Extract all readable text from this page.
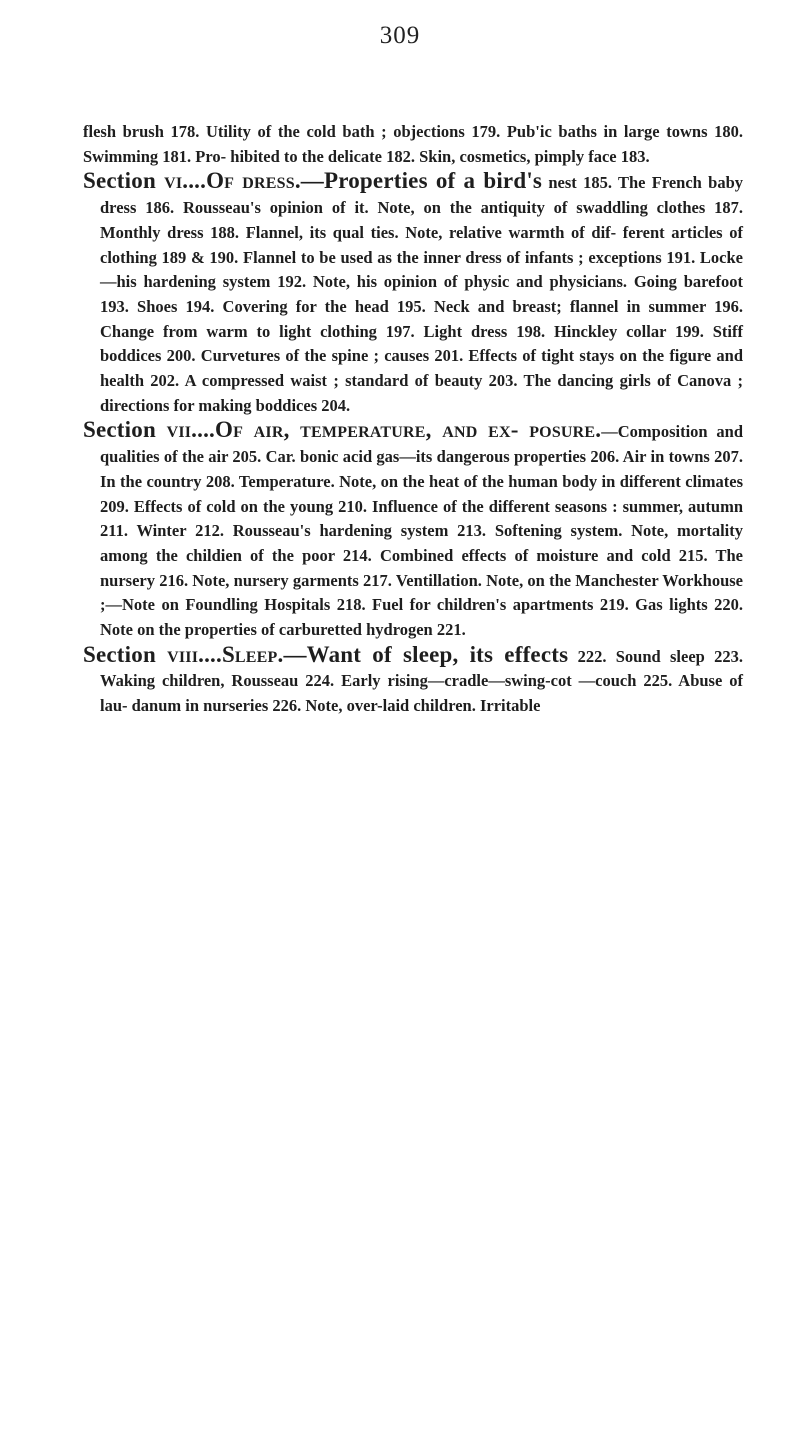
309

flesh brush 178. Utility of the cold bath ; objections 179. Pub'ic baths in large towns 180. Swimming 181. Pro- hibited to the delicate 182. Skin, cosmetics, pimply face 183.

Section vi....Of dress.—Properties of a bird's nest 185. The French baby dress 186. Rousseau's opinion of it. Note, on the antiquity of swaddling clothes 187. Monthly dress 188. Flannel, its qual ties. Note, relative warmth of dif- ferent articles of clothing 189 & 190. Flannel to be used as the inner dress of infants ; exceptions 191. Locke—his hardening system 192. Note, his opinion of physic and physicians. Going barefoot 193. Shoes 194. Covering for the head 195. Neck and breast; flannel in summer 196. Change from warm to light clothing 197. Light dress 198. Hinckley collar 199. Stiff boddices 200. Curvetures of the spine ; causes 201. Effects of tight stays on the figure and health 202. A compressed waist ; standard of beauty 203. The dancing girls of Canova ; directions for making boddices 204.

Section vii....Of air, temperature, and ex- posure.—Composition and qualities of the air 205. Car. bonic acid gas—its dangerous properties 206. Air in towns 207. In the country 208. Temperature. Note, on the heat of the human body in different climates 209. Effects of cold on the young 210. Influence of the different seasons : summer, autumn 211. Winter 212. Rousseau's hardening system 213. Softening system. Note, mortality among the childien of the poor 214. Combined effects of moisture and cold 215. The nursery 216. Note, nursery garments 217. Ventillation. Note, on the Manchester Workhouse ;—Note on Foundling Hospitals 218. Fuel for children's apartments 219. Gas lights 220. Note on the properties of carburetted hydrogen 221.

Section viii....Sleep.—Want of sleep, its effects 222. Sound sleep 223. Waking children, Rousseau 224. Early rising—cradle—swing-cot —couch 225. Abuse of lau- danum in nurseries 226. Note, over-laid children. Irritable
